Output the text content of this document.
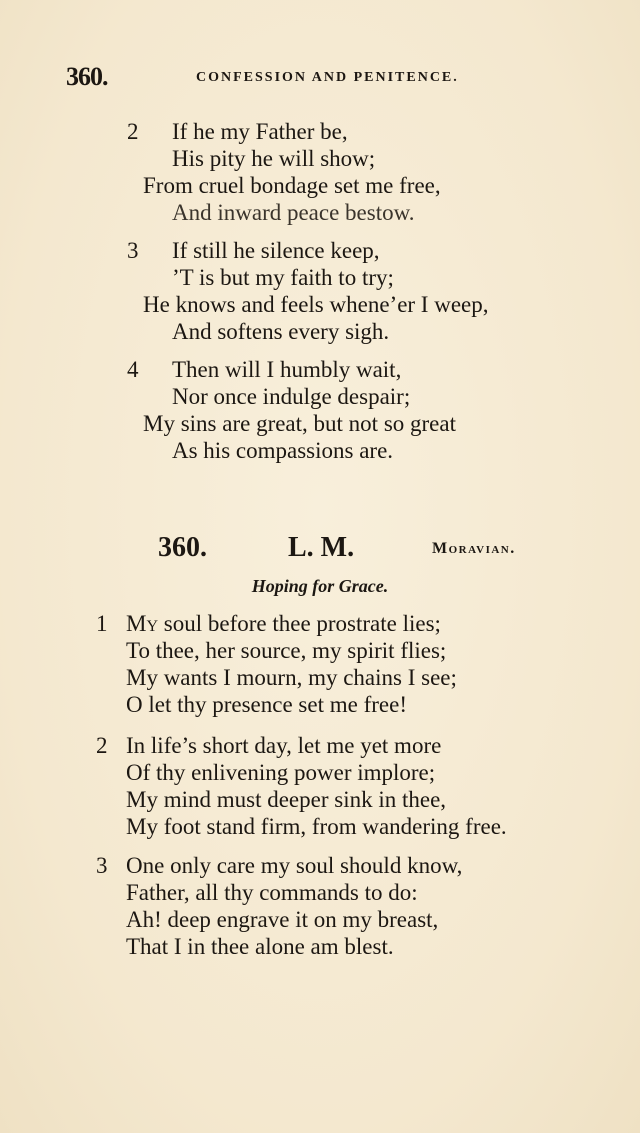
360.	CONFESSION AND PENITENCE.
2 If he my Father be,
His pity he will show;
From cruel bondage set me free,
And inward peace bestow.
3 If still he silence keep,
’T is but my faith to try;
He knows and feels whene’er I weep,
And softens every sigh.
4 Then will I humbly wait,
Nor once indulge despair;
My sins are great, but not so great
As his compassions are.
360.	L. M.	Moravian.
Hoping for Grace.
1 My soul before thee prostrate lies;
To thee, her source, my spirit flies;
My wants I mourn, my chains I see;
O let thy presence set me free!
2 In life’s short day, let me yet more
Of thy enlivening power implore;
My mind must deeper sink in thee,
My foot stand firm, from wandering free.
3 One only care my soul should know,
Father, all thy commands to do:
Ah! deep engrave it on my breast,
That I in thee alone am blest.
